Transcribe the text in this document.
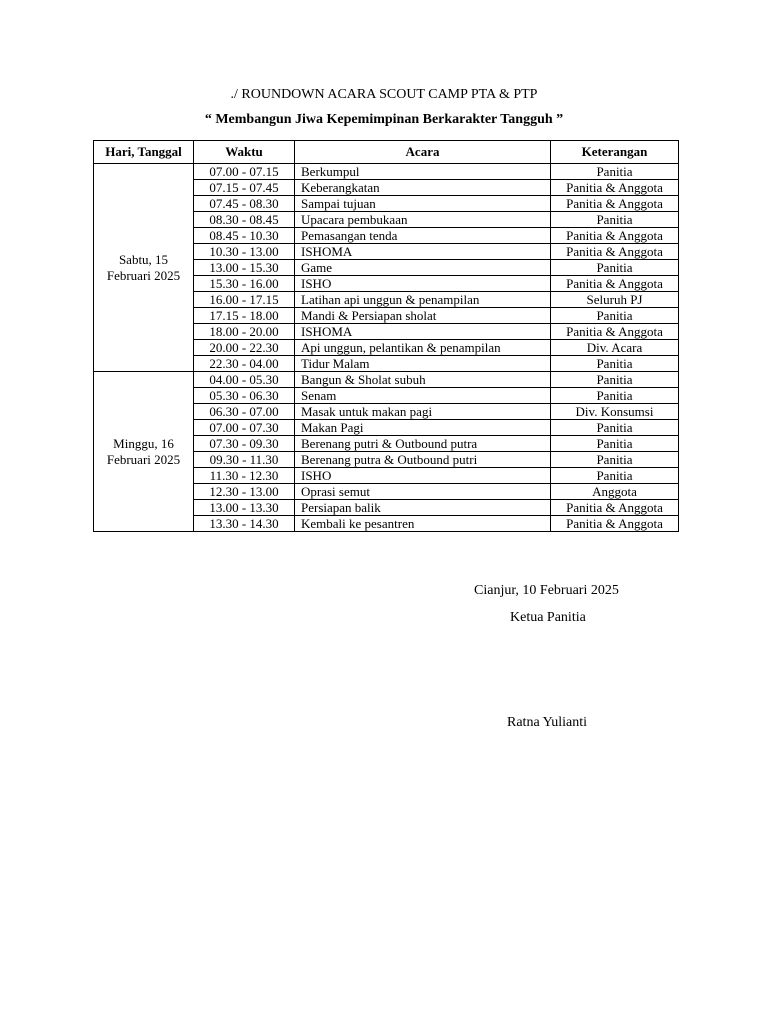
./ ROUNDOWN ACARA SCOUT CAMP PTA & PTP
“ Membangun Jiwa Kepemimpinan Berkarakter Tangguh ”
Hari, Tanggal	Waktu	Acara	Keterangan
Sabtu, 15 Februari 2025	07.00 - 07.15	Berkumpul	Panitia
	07.15 - 07.45	Keberangkatan	Panitia & Anggota
	07.45 - 08.30	Sampai tujuan	Panitia & Anggota
	08.30 - 08.45	Upacara pembukaan	Panitia
	08.45 - 10.30	Pemasangan tenda	Panitia & Anggota
	10.30 - 13.00	ISHOMA	Panitia & Anggota
	13.00 - 15.30	Game	Panitia
	15.30 - 16.00	ISHO	Panitia & Anggota
	16.00 - 17.15	Latihan api unggun & penampilan	Seluruh PJ
	17.15 - 18.00	Mandi & Persiapan sholat	Panitia
	18.00 - 20.00	ISHOMA	Panitia & Anggota
	20.00 - 22.30	Api unggun, pelantikan & penampilan	Div. Acara
	22.30 - 04.00	Tidur Malam	Panitia
Minggu, 16 Februari 2025	04.00 - 05.30	Bangun & Sholat subuh	Panitia
	05.30 - 06.30	Senam	Panitia
	06.30 - 07.00	Masak untuk makan pagi	Div. Konsumsi
	07.00 - 07.30	Makan Pagi	Panitia
	07.30 - 09.30	Berenang putri & Outbound putra	Panitia
	09.30 - 11.30	Berenang putra & Outbound putri	Panitia
	11.30 - 12.30	ISHO	Panitia
	12.30 - 13.00	Oprasi semut	Anggota
	13.00 - 13.30	Persiapan balik	Panitia & Anggota
	13.30 - 14.30	Kembali ke pesantren	Panitia & Anggota
Cianjur, 10 Februari 2025
Ketua Panitia
Ratna Yulianti
